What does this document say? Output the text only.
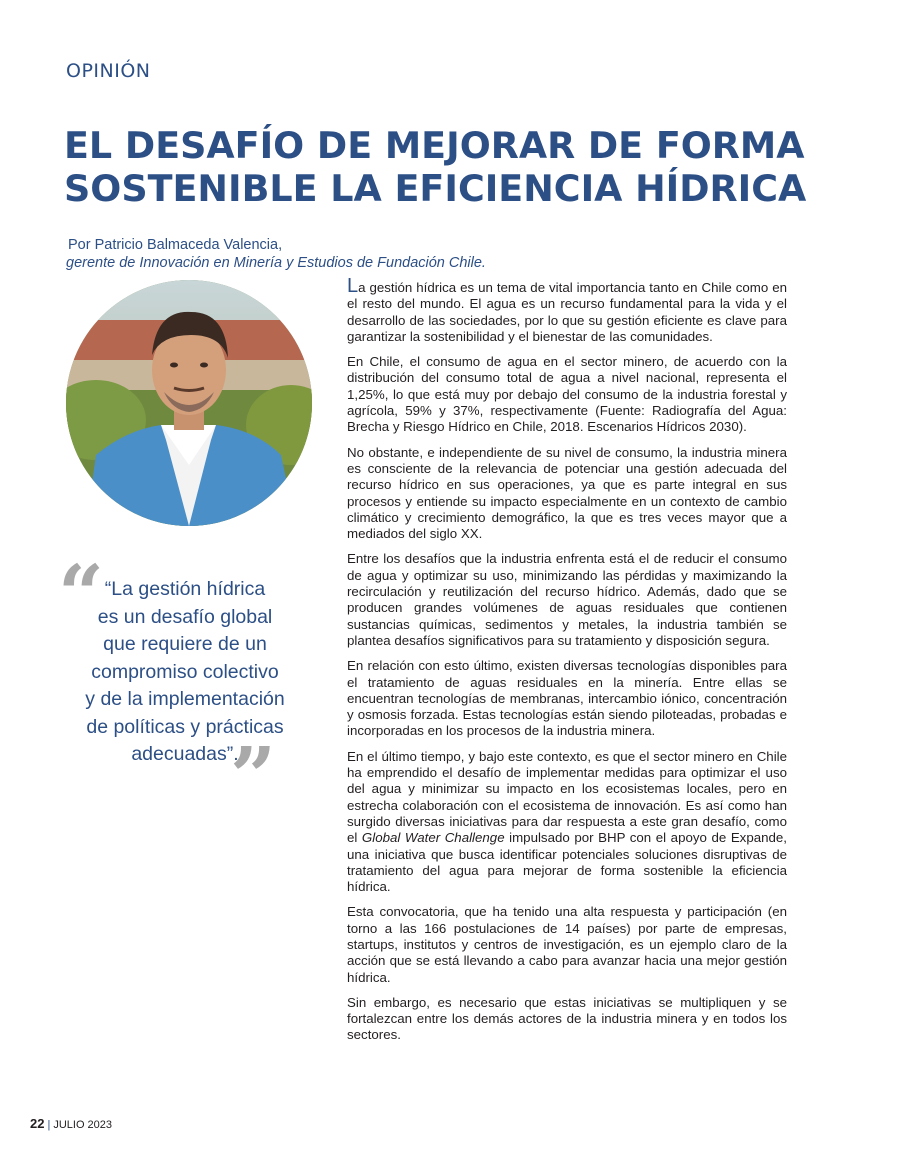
OPINIÓN
EL DESAFÍO DE MEJORAR DE FORMA
SOSTENIBLE LA EFICIENCIA HÍDRICA
Por Patricio Balmaceda Valencia,
gerente de Innovación en Minería y Estudios de Fundación Chile.
“ “La gestión hídrica
es un desafío global
que requiere de un
compromiso colectivo
y de la implementación
de políticas y prácticas
adecuadas”.
”

La gestión hídrica es un tema de vital importancia tanto en Chile como en el resto del mundo. El agua es un recurso fundamental para la vida y el desarrollo de las sociedades, por lo que su gestión eficiente es clave para garantizar la sostenibilidad y el bienestar de las comunidades.

En Chile, el consumo de agua en el sector minero, de acuerdo con la distribución del consumo total de agua a nivel nacional, representa el 1,25%, lo que está muy por debajo del consumo de la industria forestal y agrícola, 59% y 37%, respectivamente (Fuente: Radiografía del Agua: Brecha y Riesgo Hídrico en Chile, 2018. Escenarios Hídricos 2030).

No obstante, e independiente de su nivel de consumo, la industria minera es consciente de la relevancia de potenciar una gestión adecuada del recurso hídrico en sus operaciones, ya que es parte integral en sus procesos y entiende su impacto especialmente en un contexto de cambio climático y crecimiento demográfico, la que es tres veces mayor que a mediados del siglo XX.

Entre los desafíos que la industria enfrenta está el de reducir el consumo de agua y optimizar su uso, minimizando las pérdidas y maximizando la recirculación y reutilización del recurso hídrico. Además, dado que se producen grandes volúmenes de aguas residuales que contienen sustancias químicas, sedimentos y metales, la industria también se plantea desafíos significativos para su tratamiento y disposición segura.

En relación con esto último, existen diversas tecnologías disponibles para el tratamiento de aguas residuales en la minería. Entre ellas se encuentran tecnologías de membranas, intercambio iónico, concentración y osmosis forzada. Estas tecnologías están siendo piloteadas, probadas e incorporadas en los procesos de la industria minera.

En el último tiempo, y bajo este contexto, es que el sector minero en Chile ha emprendido el desafío de implementar medidas para optimizar el uso del agua y minimizar su impacto en los ecosistemas locales, pero en estrecha colaboración con el ecosistema de innovación. Es así como han surgido diversas iniciativas para dar respuesta a este gran desafío, como el Global Water Challenge impulsado por BHP con el apoyo de Expande, una iniciativa que busca identificar potenciales soluciones disruptivas de tratamiento del agua para mejorar de forma sostenible la eficiencia hídrica.

Esta convocatoria, que ha tenido una alta respuesta y participación (en torno a las 166 postulaciones de 14 países) por parte de empresas, startups, institutos y centros de investigación, es un ejemplo claro de la acción que se está llevando a cabo para avanzar hacia una mejor gestión hídrica.

Sin embargo, es necesario que estas iniciativas se multipliquen y se fortalezcan entre los demás actores de la industria minera y en todos los sectores.

22 | JULIO 2023
